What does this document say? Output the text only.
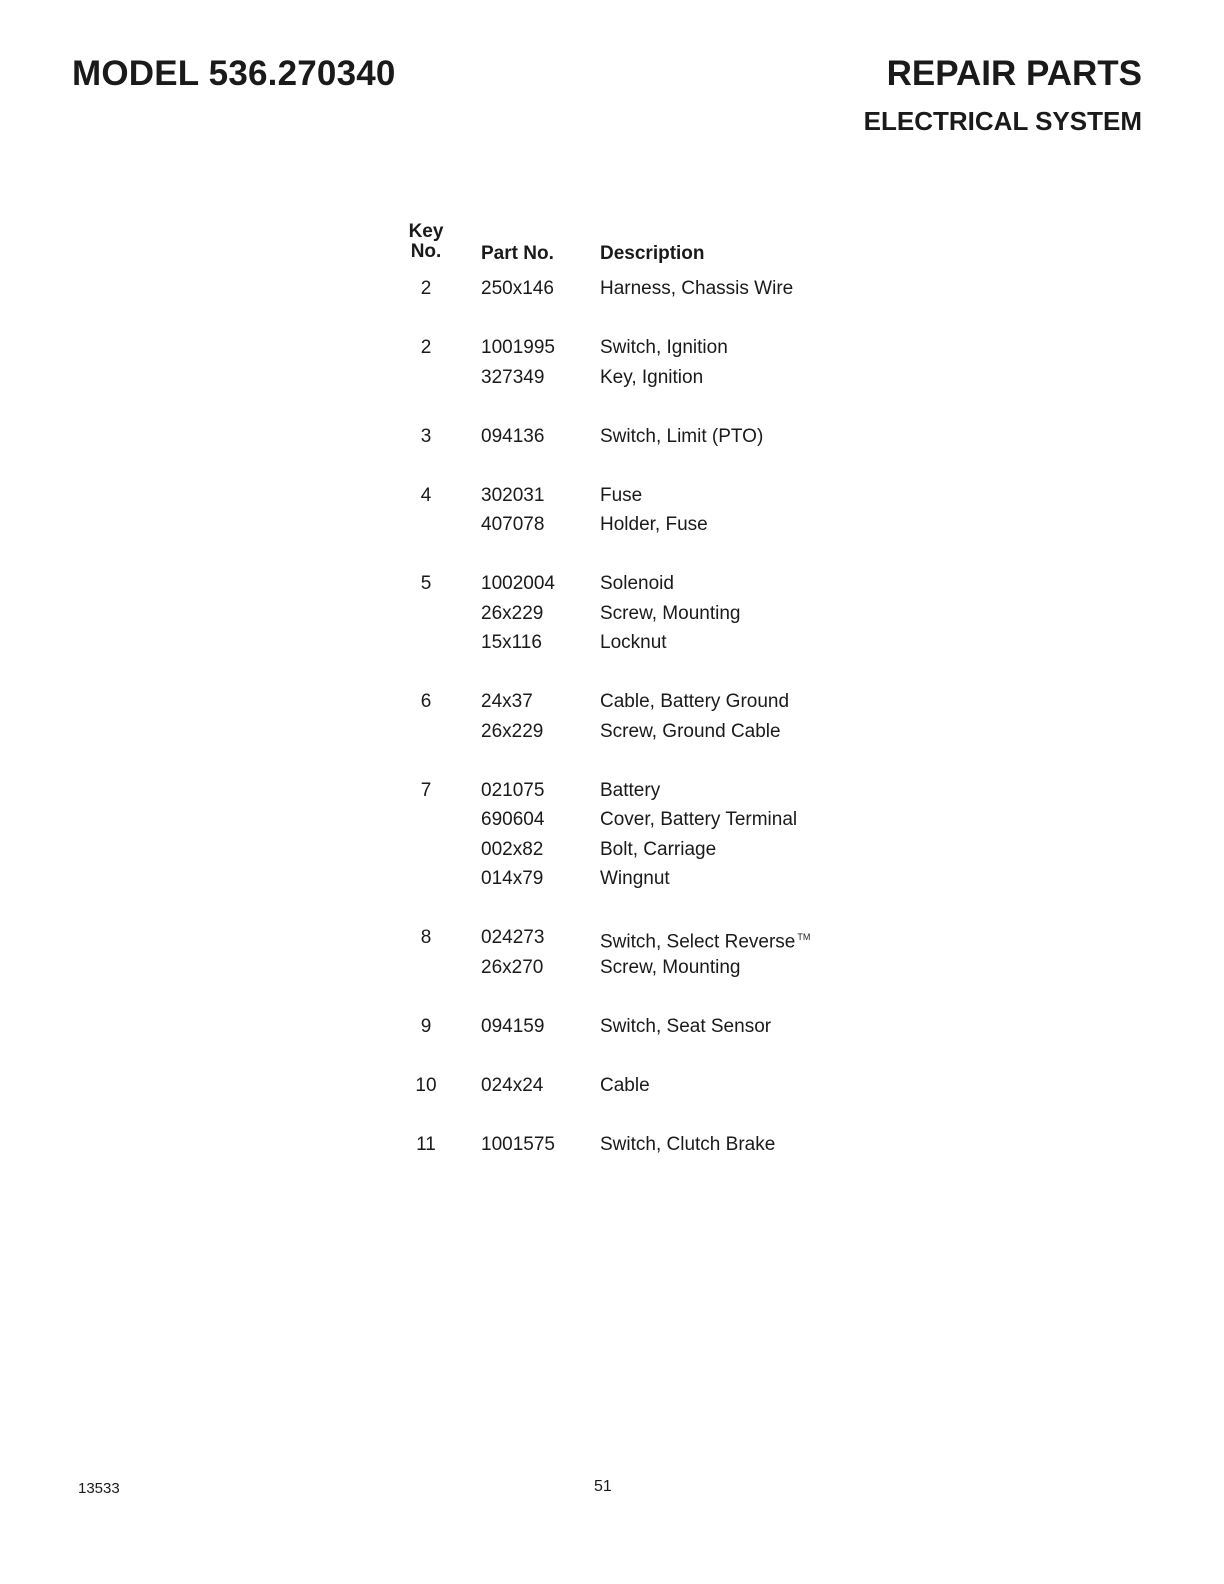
MODEL 536.270340	REPAIR PARTS
ELECTRICAL SYSTEM
Key
No.	Part No. Description
2	250x146 Harness, Chassis Wire
2	1001995 Switch, Ignition
327349	Key, Ignition
3	094136	Switch, Limit (PTO)
4	302031	Fuse
407078	Holder, Fuse
5	1002004 Solenoid
26x229	Screw, Mounting
15x116	Locknut
6	24x37	Cable, Battery Ground
26x229	Screw, Ground Cable
7	021075	Battery
690604	Cover, Battery Terminal
002x82	Bolt, Carriage
014x79	Wingnut
8	024273	Switch, Select Reverse ™
26x270	Screw, Mounting
9	094159	Switch, Seat Sensor
10	024x24	Cable
11	1001575 Switch, Clutch Brake
13533	51
